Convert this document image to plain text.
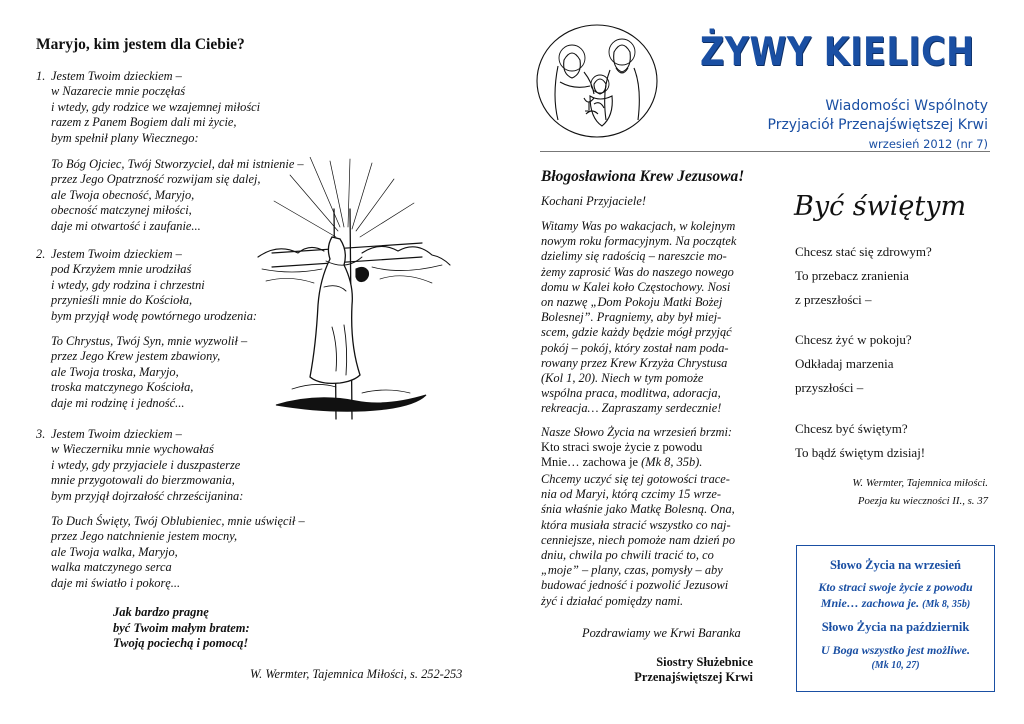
Maryjo, kim jestem dla Ciebie?
1. Jestem Twoim dzieckiem –
w Nazarecie mnie poczęłaś
i wtedy, gdy rodzice we wzajemnej miłości
razem z Panem Bogiem dali mi życie,
bym spełnił plany Wiecznego:
To Bóg Ojciec, Twój Stworzyciel, dał mi istnienie –
przez Jego Opatrzność rozwijam się dalej,
ale Twoja obecność, Maryjo,
obecność matczynej miłości,
daje mi otwartość i zaufanie...
2. Jestem Twoim dzieckiem –
pod Krzyżem mnie urodziłaś
i wtedy, gdy rodzina i chrzestni
przynieśli mnie do Kościoła,
bym przyjął wodę powtórnego urodzenia:
To Chrystus, Twój Syn, mnie wyzwolił –
przez Jego Krew jestem zbawiony,
ale Twoja troska, Maryjo,
troska matczynego Kościoła,
daje mi rodzinę i jedność...
3. Jestem Twoim dzieckiem –
w Wieczerniku mnie wychowałaś
i wtedy, gdy przyjaciele i duszpasterze
mnie przygotowali do bierzmowania,
bym przyjął dojrzałość chrześcijanina:
To Duch Święty, Twój Oblubieniec, mnie uświęcił –
przez Jego natchnienie jestem mocny,
ale Twoja walka, Maryjo,
walka matczynego serca
daje mi światło i pokorę...
Jak bardzo pragnę
być Twoim małym bratem:
Twoją pociechą i pomocą!
W. Wermter, Tajemnica Miłości, s. 252-253
ŻYWY KIELICH
Wiadomości Wspólnoty
Przyjaciół Przenajświętszej Krwi
wrzesień 2012 (nr 7)
Błogosławiona Krew Jezusowa!
Kochani Przyjaciele!
Witamy Was po wakacjach, w kolejnym
nowym roku formacyjnym. Na początek
dzielimy się radością – nareszcie mo-
żemy zaprosić Was do naszego nowego
domu w Kalei koło Częstochowy. Nosi
on nazwę „Dom Pokoju Matki Bożej
Bolesnej”. Pragniemy, aby był miej-
scem, gdzie każdy będzie mógł przyjąć
pokój – pokój, który został nam poda-
rowany przez Krew Krzyża Chrystusa
(Kol 1, 20). Niech w tym pomoże
wspólna praca, modlitwa, adoracja,
rekreacja… Zapraszamy serdecznie!
Nasze Słowo Życia na wrzesień brzmi:
Kto straci swoje życie z powodu
Mnie… zachowa je (Mk 8, 35b).
Chcemy uczyć się tej gotowości trace-
nia od Maryi, którą czcimy 15 wrze-
śnia właśnie jako Matkę Bolesną. Ona,
która musiała stracić wszystko co naj-
cenniejsze, niech pomoże nam dzień po
dniu, chwila po chwili tracić to, co
„moje” – plany, czas, pomysły – aby
budować jedność i pozwolić Jezusowi
żyć i działać pomiędzy nami.
Pozdrawiamy we Krwi Baranka
Siostry Służebnice
Przenajświętszej Krwi
Być świętym
Chcesz stać się zdrowym?
To przebacz zranienia
z przeszłości –
Chcesz żyć w pokoju?
Odkładaj marzenia
przyszłości –
Chcesz być świętym?
To bądź świętym dzisiaj!
W. Wermter, Tajemnica miłości.
Poezja ku wieczności II., s. 37
Słowo Życia na wrzesień
Kto straci swoje życie z powodu
Mnie… zachowa je. (Mk 8, 35b)
Słowo Życia na październik
U Boga wszystko jest możliwe.
(Mk 10, 27)
